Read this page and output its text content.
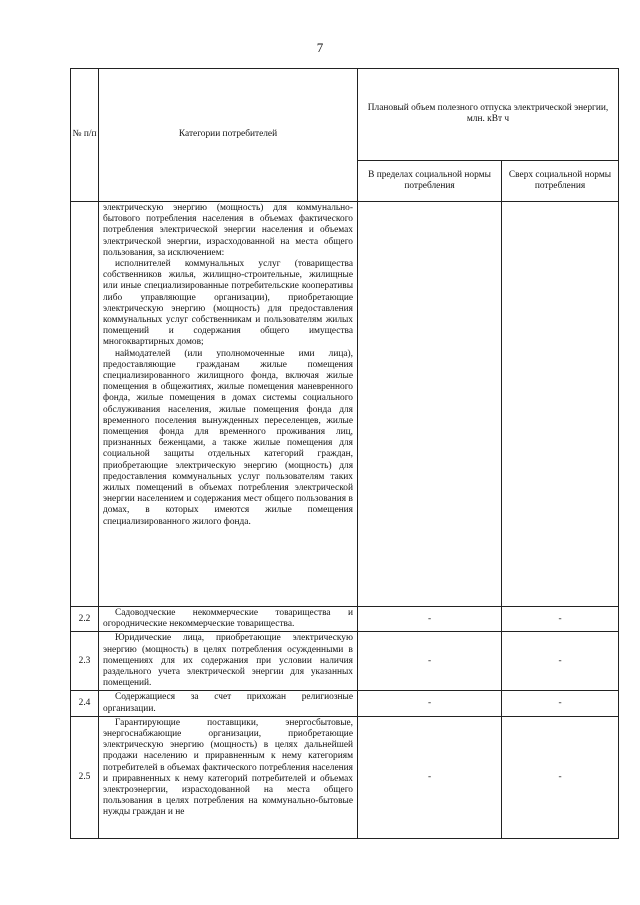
7
№ п/п	Категории потребителей	Плановый объем полезного отпуска электрической энергии, млн. кВт ч	
		В пределах социальной нормы потребления	Сверх социальной нормы потребления

	электрическую энергию (мощность) для коммунально-бытового потребления населения в объемах фактического потребления электрической энергии населения и объемах электрической энергии, израсходованной на места общего пользования, за исключением:

исполнителей коммунальных услуг (товарищества собственников жилья, жилищно-строительные, жилищные или иные специализированные потребительские кооперативы либо управляющие организации), приобретающие электрическую энергию (мощность) для предоставления коммунальных услуг собственникам и пользователям жилых помещений и содержания общего имущества многоквартирных домов;

наймодателей (или уполномоченные ими лица), предоставляющие гражданам жилые помещения специализированного жилищного фонда, включая жилые помещения в общежитиях, жилые помещения маневренного фонда, жилые помещения в домах системы социального обслуживания населения, жилые помещения фонда для временного поселения вынужденных переселенцев, жилые помещения фонда для временного проживания лиц, признанных беженцами, а также жилые помещения для социальной защиты отдельных категорий граждан, приобретающие электрическую энергию (мощность) для предоставления коммунальных услуг пользователям таких жилых помещений в объемах потребления электрической энергии населением и содержания мест общего пользования в домах, в которых имеются жилые помещения специализированного жилого фонда.		

2.2	Садоводческие некоммерческие товарищества и огороднические некоммерческие товарищества.	-	-
2.3	Юридические лица, приобретающие электрическую энергию (мощность) в целях потребления осужденными в помещениях для их содержания при условии наличия раздельного учета электрической энергии для указанных помещений.	-	-
2.4	Содержащиеся за счет прихожан религиозные организации.	-	-
2.5	Гарантирующие поставщики, энергосбытовые, энергоснабжающие организации, приобретающие электрическую энергию (мощность) в целях дальнейшей продажи населению и приравненным к нему категориям потребителей в объемах фактического потребления населения и приравненных к нему категорий потребителей и объемах электроэнергии, израсходованной на места общего пользования в целях потребления на коммунально-бытовые нужды граждан и не	-	-
